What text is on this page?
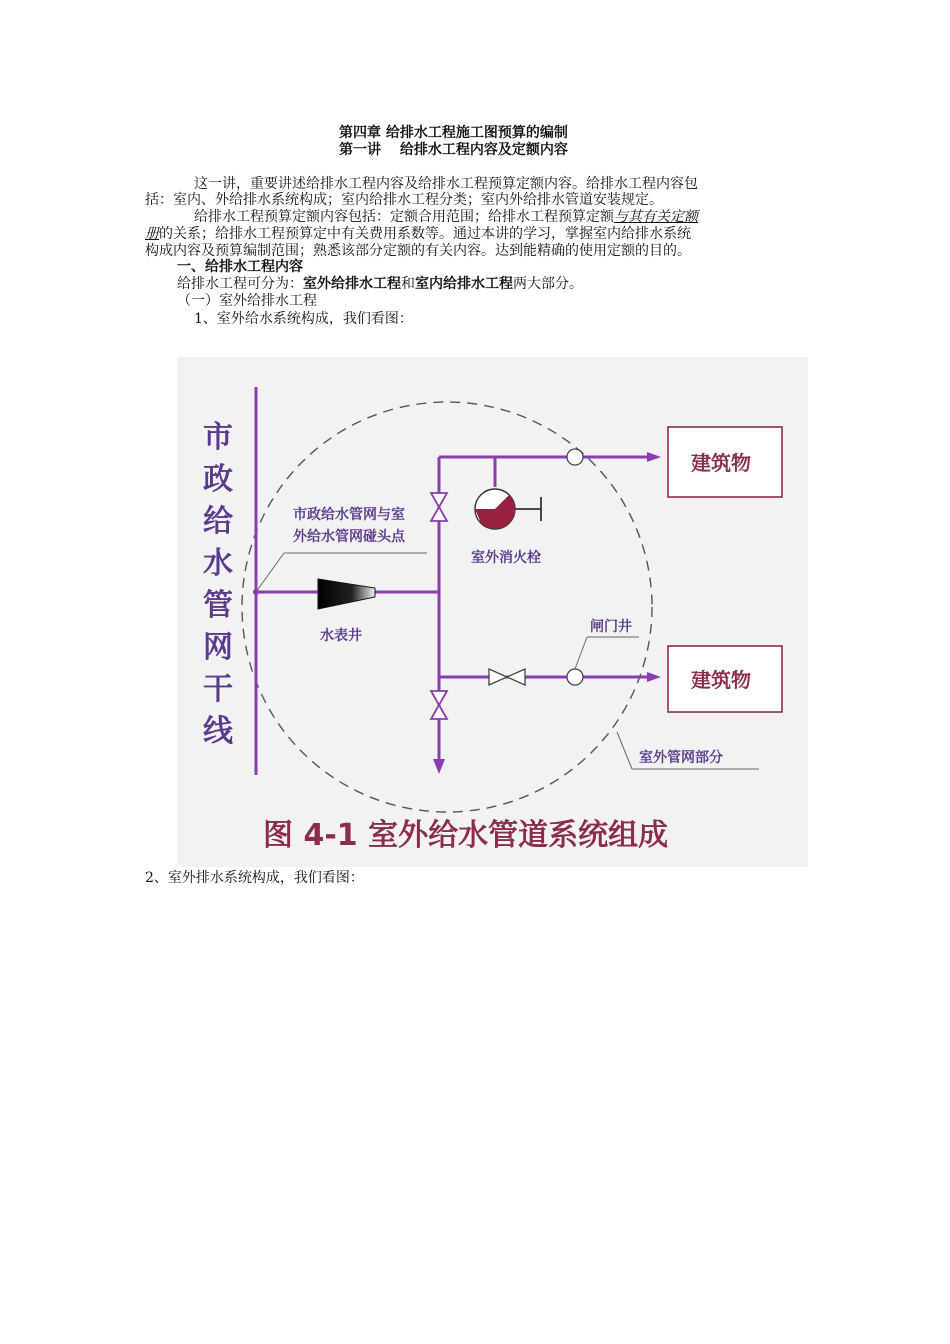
第四章 给排水工程施工图预算的编制
第一讲　 给排水工程内容及定额内容
这一讲，重要讲述给排水工程内容及给排水工程预算定额内容。给排水工程内容包
括：室内、外给排水系统构成；室内给排水工程分类；室内外给排水管道安装规定。
给排水工程预算定额内容包括：定额合用范围；给排水工程预算定额与其有关定额
册的关系；给排水工程预算定中有关费用系数等。通过本讲的学习，掌握室内给排水系统
构成内容及预算编制范围；熟悉该部分定额的有关内容。达到能精确的使用定额的目的。
一、给排水工程内容
给排水工程可分为：室外给排水工程和室内给排水工程两大部分。
（一）室外给排水工程
1、室外给水系统构成，我们看图：
市
政
给
水
管
网
干
线
市政给水管网与室
外给水管网碰头点
水表井
室外消火栓
建筑物
闸门井
建筑物
室外管网部分
图 4-1 室外给水管道系统组成
2、室外排水系统构成，我们看图：
